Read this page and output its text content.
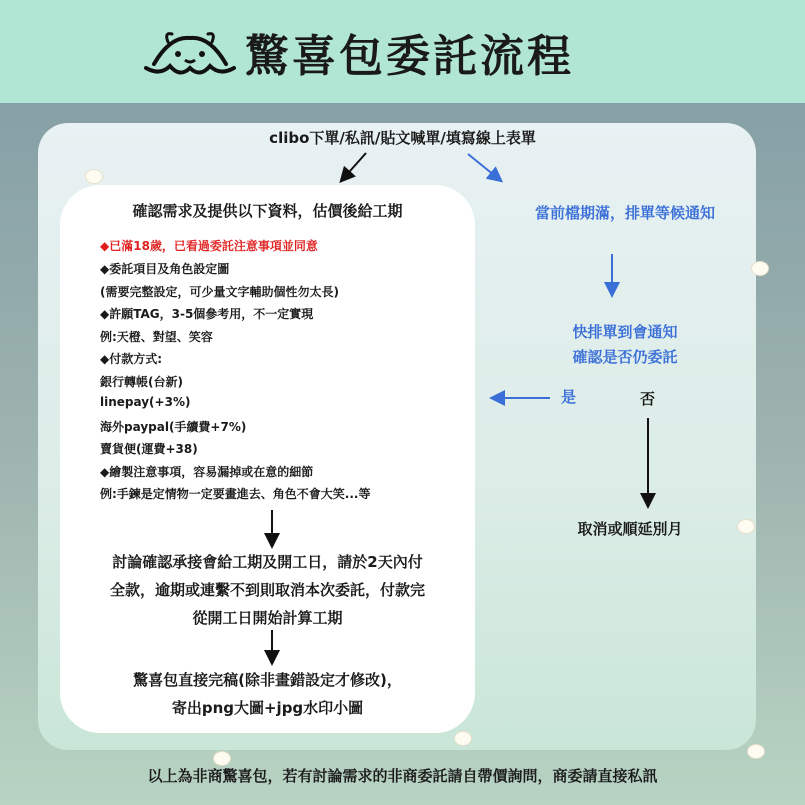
驚喜包委託流程
clibo下單/私訊/貼文喊單/填寫線上表單
確認需求及提供以下資料，估價後給工期
◆已滿18歲，已看過委託注意事項並同意
◆委託項目及角色設定圖
(需要完整設定，可少量文字輔助個性勿太長)
◆許願TAG，3-5個參考用，不一定實現
例:天橙、對望、笑容
◆付款方式:
銀行轉帳(台新)
linepay(+3%)
海外paypal(手續費+7%)
賣貨便(運費+38)
◆繪製注意事項，容易漏掉或在意的細節
例:手鍊是定情物一定要畫進去、角色不會大笑...等
討論確認承接會給工期及開工日，請於2天內付
全款，逾期或連繫不到則取消本次委託，付款完
從開工日開始計算工期
驚喜包直接完稿(除非畫錯設定才修改)，
寄出png大圖+jpg水印小圖
當前檔期滿，排單等候通知
快排單到會通知
確認是否仍委託
是	否
取消或順延別月
以上為非商驚喜包，若有討論需求的非商委託請自帶價詢問，商委請直接私訊
